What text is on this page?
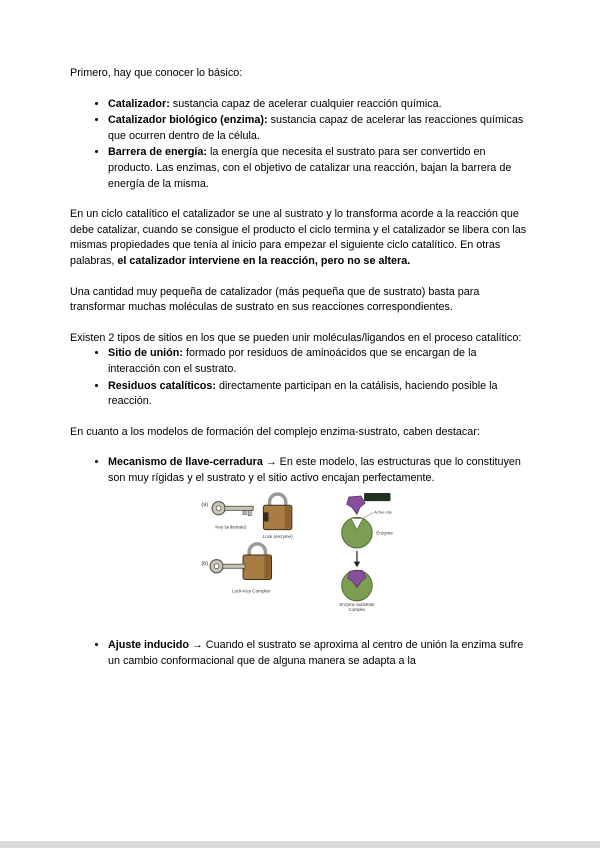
Primero, hay que conocer lo básico:

• Catalizador: sustancia capaz de acelerar cualquier reacción química.
• Catalizador biológico (enzima): sustancia capaz de acelerar las reacciones químicas que ocurren dentro de la célula.
• Barrera de energía: la energía que necesita el sustrato para ser convertido en producto. Las enzimas, con el objetivo de catalizar una reacción, bajan la barrera de energía de la misma.

En un ciclo catalítico el catalizador se une al sustrato y lo transforma acorde a la reacción que debe catalizar, cuando se consigue el producto el ciclo termina y el catalizador se libera con las mismas propiedades que tenía al inicio para empezar el siguiente ciclo catalítico. En otras palabras, el catalizador interviene en la reacción, pero no se altera.

Una cantidad muy pequeña de catalizador (más pequeña que de sustrato) basta para transformar muchas moléculas de sustrato en sus reacciones correspondientes.

Existen 2 tipos de sitios en los que se pueden unir moléculas/ligandos en el proceso catalítico:

• Sitio de unión: formado por residuos de aminoácidos que se encargan de la interacción con el sustrato.
• Residuos catalíticos: directamente participan en la catálisis, haciendo posible la reacción.

En cuanto a los modelos de formación del complejo enzima-sustrato, caben destacar:

• Mecanismo de llave-cerradura → En este modelo, las estructuras que lo constituyen son muy rígidas y el sustrato y el sitio activo encajan perfectamente.
(a)
Key (substrate)
Lock (enzyme)
(b)
Lock-Key Complex
Substrate
Active site
Enzyme
Enzyme Substrate
Complex
• Ajuste inducido → Cuando el sustrato se aproxima al centro de unión la enzima sufre un cambio conformacional que de alguna manera se adapta a la
